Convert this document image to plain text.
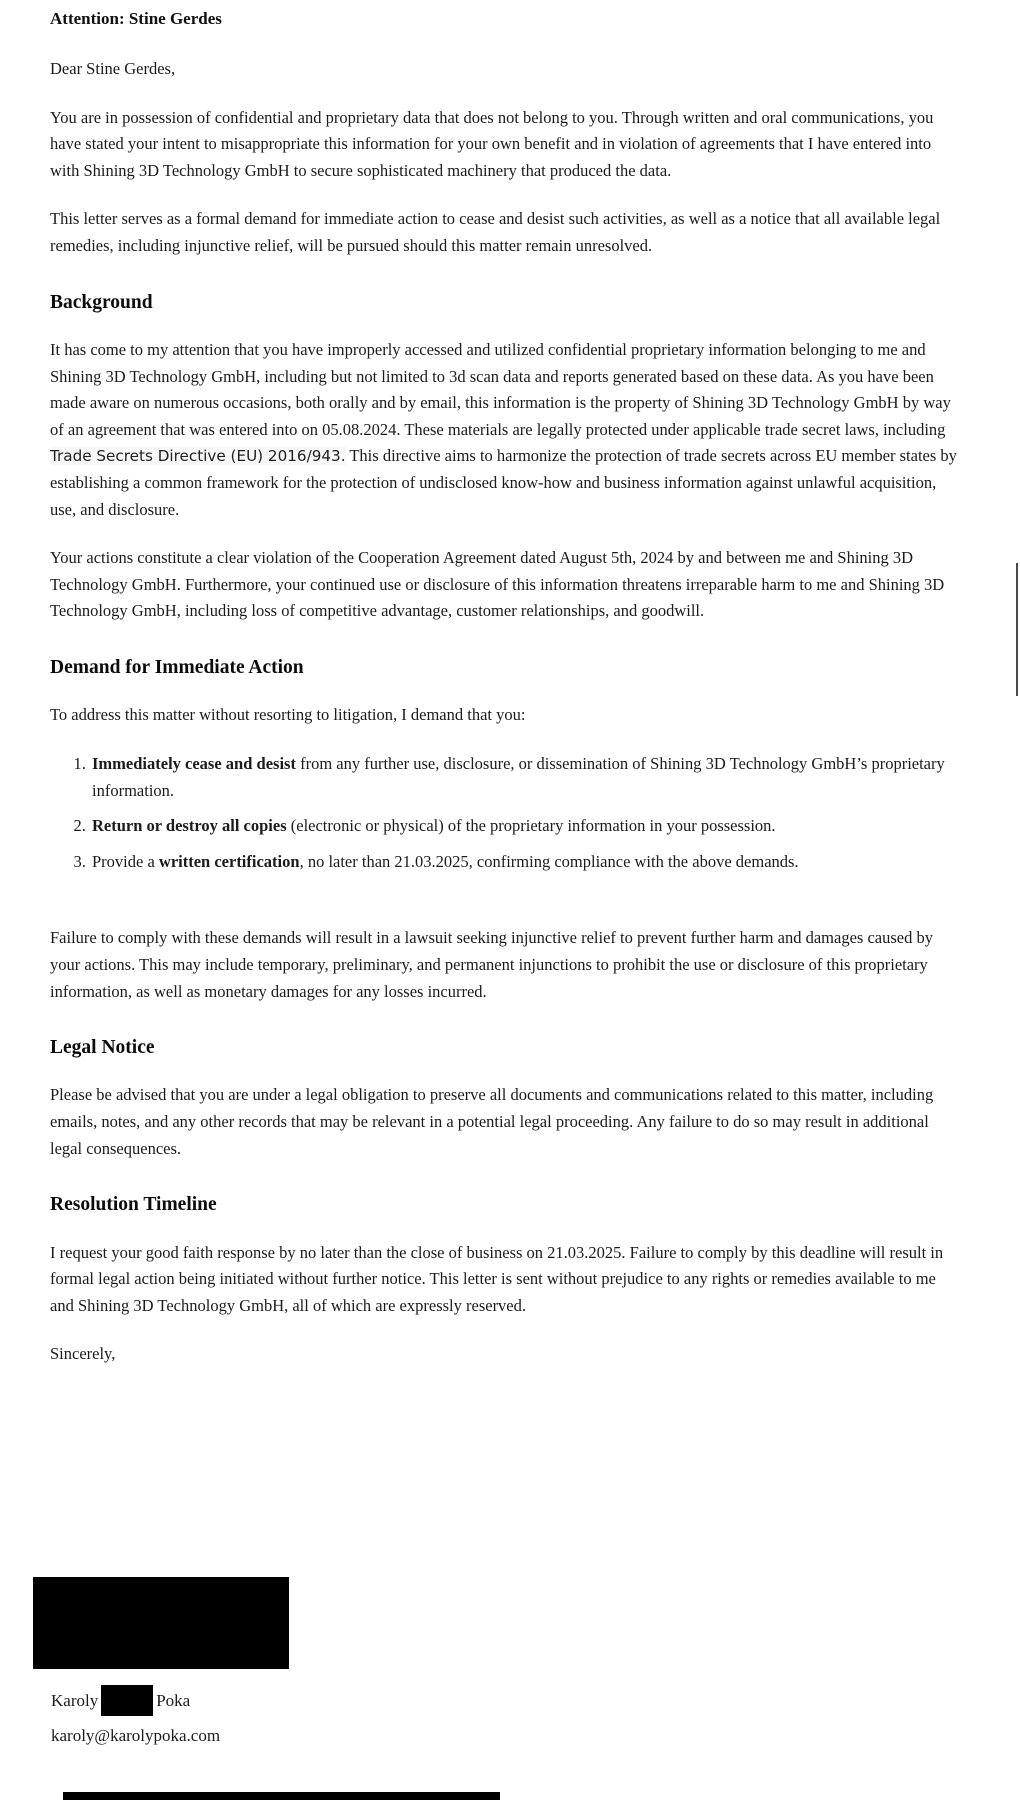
Attention: Stine Gerdes

Dear Stine Gerdes,

You are in possession of confidential and proprietary data that does not belong to you. Through written and oral communications, you have stated your intent to misappropriate this information for your own benefit and in violation of agreements that I have entered into with Shining 3D Technology GmbH to secure sophisticated machinery that produced the data.

This letter serves as a formal demand for immediate action to cease and desist such activities, as well as a notice that all available legal remedies, including injunctive relief, will be pursued should this matter remain unresolved.

Background

It has come to my attention that you have improperly accessed and utilized confidential proprietary information belonging to me and Shining 3D Technology GmbH, including but not limited to 3d scan data and reports generated based on these data. As you have been made aware on numerous occasions, both orally and by email, this information is the property of Shining 3D Technology GmbH by way of an agreement that was entered into on 05.08.2024. These materials are legally protected under applicable trade secret laws, including Trade Secrets Directive (EU) 2016/943. This directive aims to harmonize the protection of trade secrets across EU member states by establishing a common framework for the protection of undisclosed know-how and business information against unlawful acquisition, use, and disclosure.

Your actions constitute a clear violation of the Cooperation Agreement dated August 5th, 2024 by and between me and Shining 3D Technology GmbH. Furthermore, your continued use or disclosure of this information threatens irreparable harm to me and Shining 3D Technology GmbH, including loss of competitive advantage, customer relationships, and goodwill.

Demand for Immediate Action

To address this matter without resorting to litigation, I demand that you:

1. Immediately cease and desist from any further use, disclosure, or dissemination of Shining 3D Technology GmbH’s proprietary information.
2. Return or destroy all copies (electronic or physical) of the proprietary information in your possession.
3. Provide a written certification, no later than 21.03.2025, confirming compliance with the above demands.

Failure to comply with these demands will result in a lawsuit seeking injunctive relief to prevent further harm and damages caused by your actions. This may include temporary, preliminary, and permanent injunctions to prohibit the use or disclosure of this proprietary information, as well as monetary damages for any losses incurred.

Legal Notice

Please be advised that you are under a legal obligation to preserve all documents and communications related to this matter, including emails, notes, and any other records that may be relevant in a potential legal proceeding. Any failure to do so may result in additional legal consequences.

Resolution Timeline

I request your good faith response by no later than the close of business on 21.03.2025. Failure to comply by this deadline will result in formal legal action being initiated without further notice. This letter is sent without prejudice to any rights or remedies available to me and Shining 3D Technology GmbH, all of which are expressly reserved.

Sincerely,

Karoly	Poka

karoly@karolypoka.com
